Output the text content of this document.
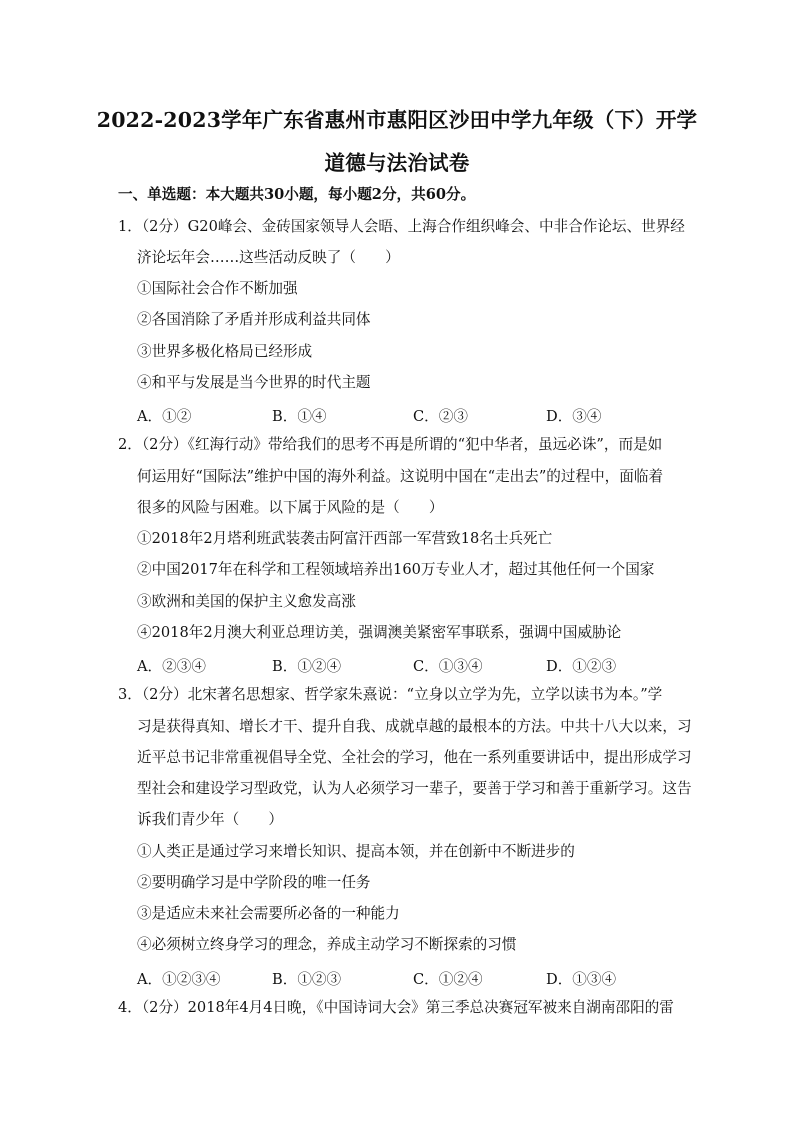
2022-2023学年广东省惠州市惠阳区沙田中学九年级（下）开学
道德与法治试卷
一、单选题：本大题共30小题，每小题2分，共60分。
1．（2分）G20峰会、金砖国家领导人会晤、上海合作组织峰会、中非合作论坛、世界经
济论坛年会……这些活动反映了（　　）
①国际社会合作不断加强
②各国消除了矛盾并形成利益共同体
③世界多极化格局已经形成
④和平与发展是当今世界的时代主题
A．①②	B．①④	C．②③	D．③④
2．（2分）《红海行动》带给我们的思考不再是所谓的“犯中华者，虽远必诛”，而是如
何运用好“国际法”维护中国的海外利益。这说明中国在“走出去”的过程中，面临着
很多的风险与困难。以下属于风险的是（　　）
①2018年2月塔利班武装袭击阿富汗西部一军营致18名士兵死亡
②中国2017年在科学和工程领域培养出160万专业人才，超过其他任何一个国家
③欧洲和美国的保护主义愈发高涨
④2018年2月澳大利亚总理访美，强调澳美紧密军事联系，强调中国威胁论
A．②③④	B．①②④	C．①③④	D．①②③
3．（2分）北宋著名思想家、哲学家朱熹说：“立身以立学为先，立学以读书为本。”学
习是获得真知、增长才干、提升自我、成就卓越的最根本的方法。中共十八大以来，习
近平总书记非常重视倡导全党、全社会的学习，他在一系列重要讲话中，提出形成学习
型社会和建设学习型政党，认为人必须学习一辈子，要善于学习和善于重新学习。这告
诉我们青少年（　　）
①人类正是通过学习来增长知识、提高本领，并在创新中不断进步的
②要明确学习是中学阶段的唯一任务
③是适应未来社会需要所必备的一种能力
④必须树立终身学习的理念，养成主动学习不断探索的习惯
A．①②③④	B．①②③	C．①②④	D．①③④
4．（2分）2018年4月4日晚，《中国诗词大会》第三季总决赛冠军被来自湖南邵阳的雷
